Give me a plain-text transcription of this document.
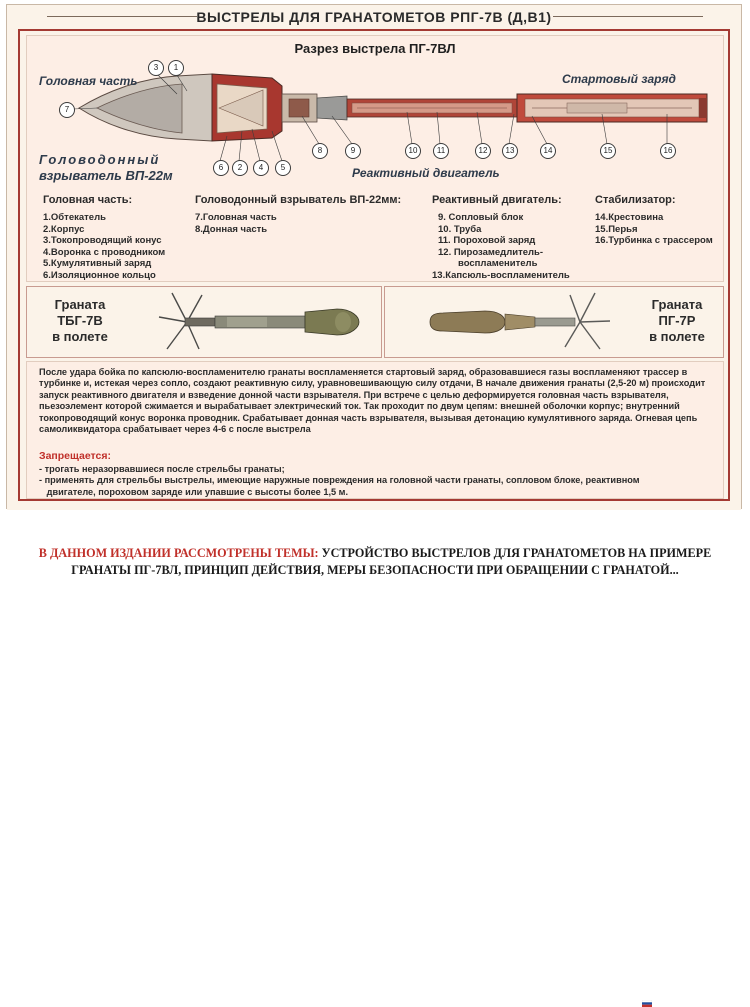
ВЫСТРЕЛЫ ДЛЯ ГРАНАТОМЕТОВ РПГ-7В (Д,В1)
Разрез выстрела ПГ-7ВЛ
Головная часть	Стартовый заряд
Головодонный
взрыватель ВП-22м	Реактивный двигатель
7
3	1
6	2	4	5
8	9	10	11	12	13	14	15	16
Головная часть:
1.Обтекатель
2.Корпус
3.Токопроводящий конус
4.Воронка с проводником
5.Кумулятивный заряд
6.Изоляционное кольцо
Головодонный взрыватель ВП-22мм:
7.Головная часть
8.Донная часть
Реактивный двигатель:
9. Сопловый блок
10. Труба
11. Пороховой заряд
12. Пирозамедлитель-
воспламенитель
13.Капсюль-воспламенитель
Стабилизатор:
14.Крестовина
15.Перья
16.Турбинка с трассером
Граната
ТБГ-7В
в полете
Граната
ПГ-7Р
в полете

После удара бойка по капсюлю-воспламенителю гранаты воспламеняется стартовый заряд, образовавшиеся газы воспламеняют трассер в турбинке и, истекая через сопло, создают реактивную силу, уравновешивающую силу отдачи, В начале движения гранаты (2,5-20 м) происходит запуск реактивного двигателя и взведение донной части взрывателя. При встрече с целью деформируется головная часть взрывателя, пьезоэлемент которой сжимается и вырабатывает электрический ток. Так проходит по двум цепям: внешней оболочки корпус; внутренний токопроводящий конус воронка проводник. Срабатывает донная часть взрывателя, вызывая детонацию кумулятивного заряда. Огневая цепь самоликвидатора срабатывает через 4-6 с после выстрела

Запрещается:
- трогать неразорвавшиеся после стрельбы гранаты;
- применять для стрельбы выстрелы, имеющие наружные повреждения на головной части гранаты, сопловом блоке, реактивном
двигателе, пороховом заряде или упавшие с высоты более 1,5 м.
В ДАННОМ ИЗДАНИИ РАССМОТРЕНЫ ТЕМЫ: УСТРОЙСТВО ВЫСТРЕЛОВ ДЛЯ ГРАНАТОМЕТОВ НА ПРИМЕРЕ ГРАНАТЫ ПГ-7ВЛ, ПРИНЦИП ДЕЙСТВИЯ, МЕРЫ БЕЗОПАСНОСТИ ПРИ ОБРАЩЕНИИ С ГРАНАТОЙ...
